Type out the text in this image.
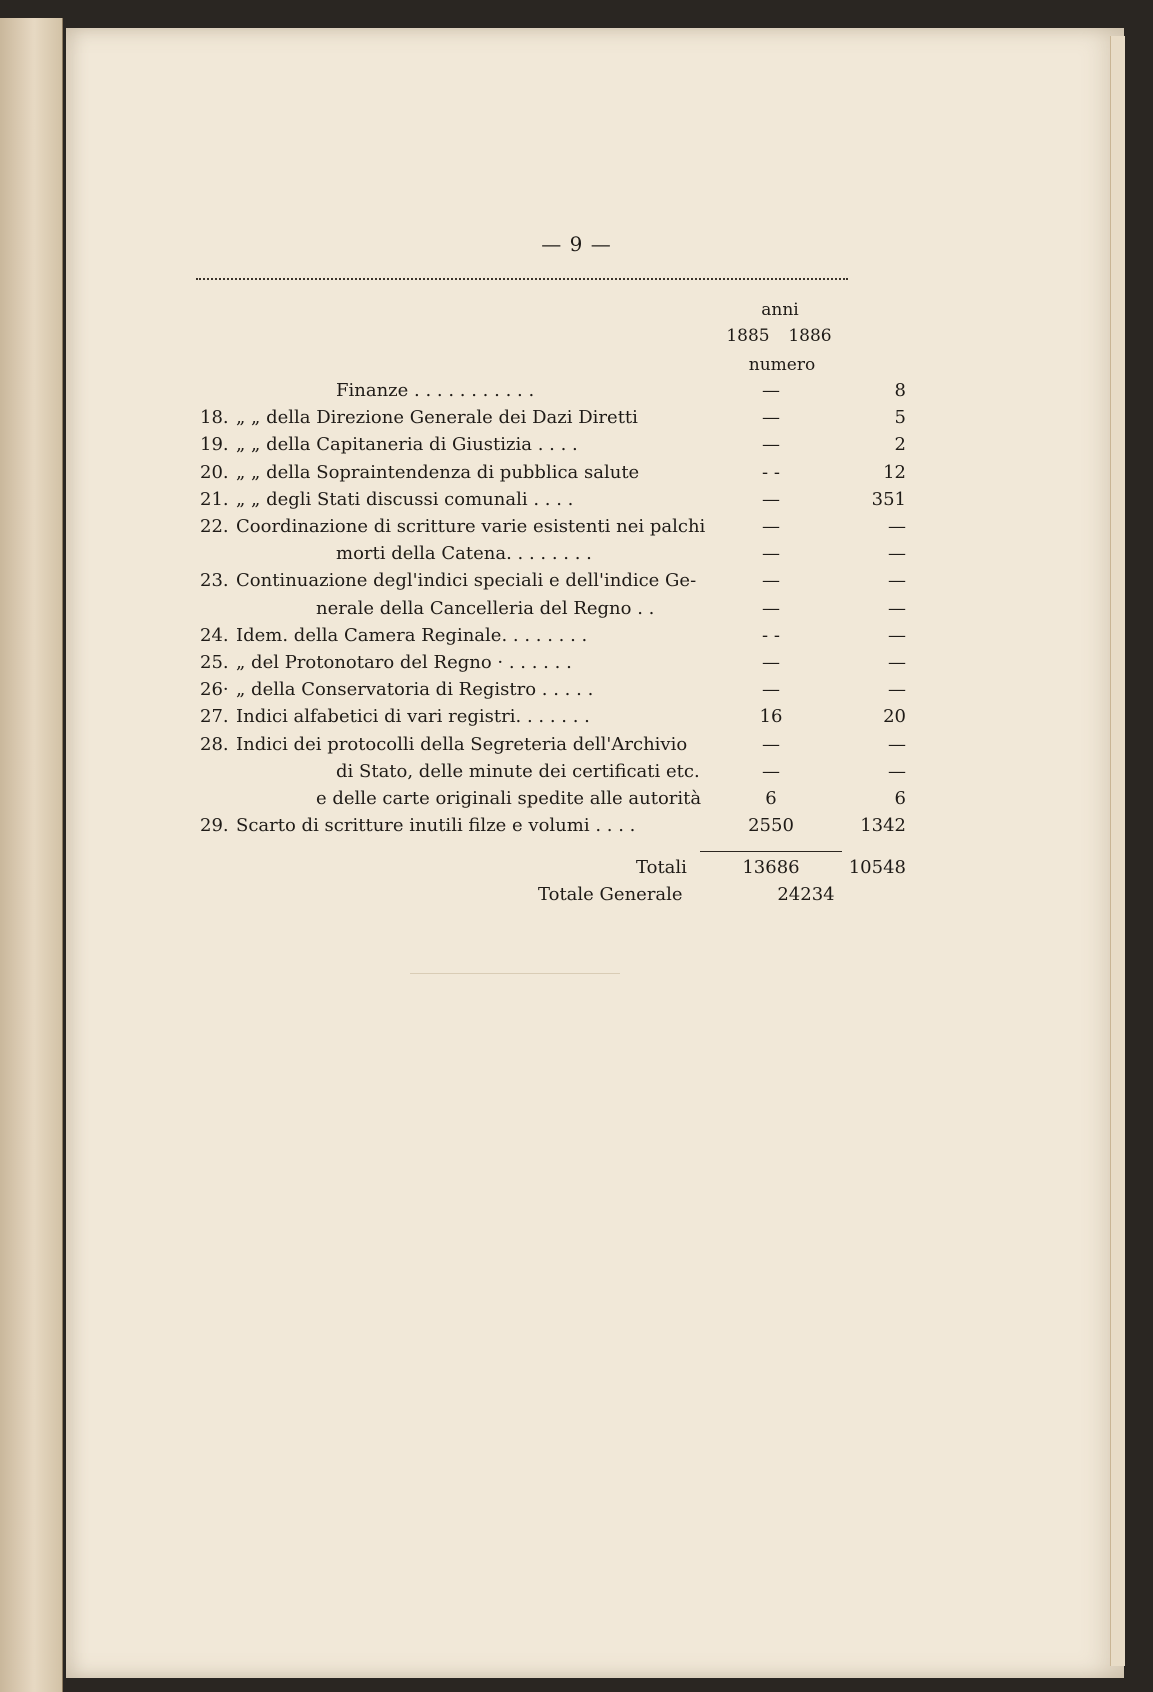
— 9 —
anni
1885	1886
numero
Finanze . . . . . . . . . . .	—	8
18. „ „ della Direzione Generale dei Dazi Diretti	—	5
19. „ „ della Capitaneria di Giustizia . . . .	—	2
20. „ „ della Sopraintendenza di pubblica salute	- -	12
21. „ „ degli Stati discussi comunali . . . .	—	351
22. Coordinazione di scritture varie esistenti nei palchi	—	—
morti della Catena. . . . . . . .	—	—
23. Continuazione degl'indici speciali e dell'indice Ge-	—	—
nerale della Cancelleria del Regno . .	—	—
24. Idem. della Camera Reginale. . . . . . . .	- -	—
25. „ del Protonotaro del Regno · . . . . . .	—	—
26· „ della Conservatoria di Registro . . . . .	—	—
27. Indici alfabetici di vari registri. . . . . . .	16	20
28. Indici dei protocolli della Segreteria dell'Archivio	—	—
di Stato, delle minute dei certificati etc.	—	—
e delle carte originali spedite alle autorità	6	6
29. Scarto di scritture inutili filze e volumi . . . .	2550	1342
Totali	13686	10548
Totale Generale	24234
